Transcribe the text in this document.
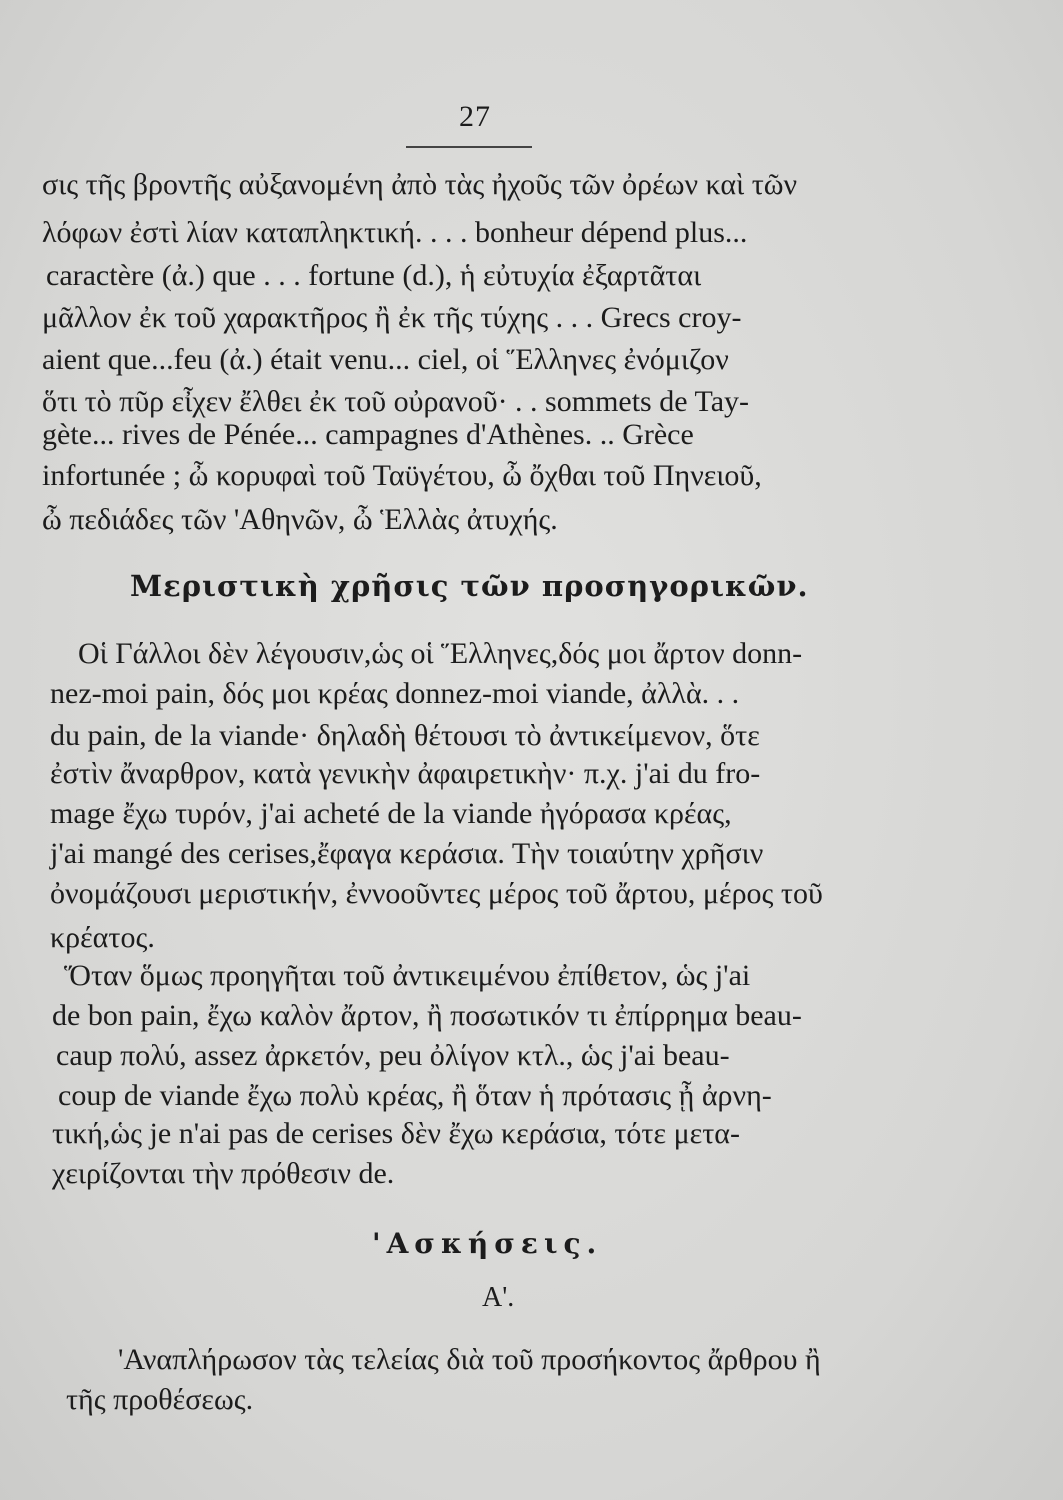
27
σις τῆς βροντῆς αὐξανομένη ἀπὸ τὰς ἠχοῦς τῶν ὀρέων καὶ τῶν
λόφων ἐστὶ λίαν καταπληκτική. . . . bonheur dépend plus...
caractère (ἀ.) que . . . fortune (d.), ἡ εὐτυχία ἐξαρτᾶται
μᾶλλον ἐκ τοῦ χαρακτῆρος ἢ ἐκ τῆς τύχης . . . Grecs croy-
aient que...feu (ἀ.) était venu... ciel, οἱ Ἕλληνες ἐνόμιζον
ὅτι τὸ πῦρ εἶχεν ἔλθει ἐκ τοῦ οὐρανοῦ· . . sommets de Tay-
gète... rives de Pénée... campagnes d'Athènes. .. Grèce
infortunée ; ὦ κορυφαὶ τοῦ Ταϋγέτου, ὦ ὄχθαι τοῦ Πηνειοῦ,
ὦ πεδιάδες τῶν 'Αθηνῶν, ὦ Ἑλλὰς ἀτυχής.
Μεριστικὴ χρῆσις τῶν προσηγορικῶν.
Οἱ Γάλλοι δὲν λέγουσιν,ὡς οἱ Ἕλληνες,δός μοι ἄρτον donn-
nez-moi pain, δός μοι κρέας donnez-moi viande, ἀλλὰ. . .
du pain, de la viande· δηλαδὴ θέτουσι τὸ ἀντικείμενον, ὅτε
ἐστὶν ἄναρθρον, κατὰ γενικὴν ἀφαιρετικὴν· π.χ. j'ai du fro-
mage ἔχω τυρόν, j'ai acheté de la viande ἠγόρασα κρέας,
j'ai mangé des cerises,ἔφαγα κεράσια. Τὴν τοιαύτην χρῆσιν
ὀνομάζουσι μεριστικήν, ἐννοοῦντες μέρος τοῦ ἄρτου, μέρος τοῦ
κρέατος.
Ὅταν ὅμως προηγῆται τοῦ ἀντικειμένου ἐπίθετον, ὡς j'ai
de bon pain, ἔχω καλὸν ἄρτον, ἢ ποσωτικόν τι ἐπίρρημα beau-
caup πολύ, assez ἀρκετόν, peu ὀλίγον κτλ., ὡς j'ai beau-
coup de viande ἔχω πολὺ κρέας, ἢ ὅταν ἡ πρότασις ᾖ ἀρνη-
τική,ὡς je n'ai pas de cerises δὲν ἔχω κεράσια, τότε μετα-
χειρίζονται τὴν πρόθεσιν de.
'Ασκήσεις.
Α'.
'Αναπλήρωσον τὰς τελείας διὰ τοῦ προσήκοντος ἄρθρου ἢ
τῆς προθέσεως.
